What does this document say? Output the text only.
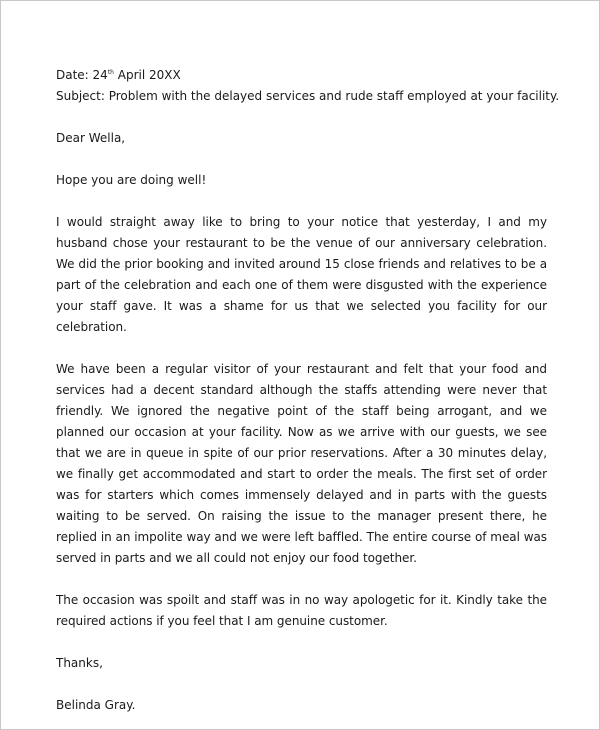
Date: 24th April 20XX

Subject: Problem with the delayed services and rude staff employed at your facility.

Dear Wella,

Hope you are doing well!

I would straight away like to bring to your notice that yesterday, I and my husband chose your restaurant to be the venue of our anniversary celebration. We did the prior booking and invited around 15 close friends and relatives to be a part of the celebration and each one of them were disgusted with the experience your staff gave. It was a shame for us that we selected you facility for our celebration.

We have been a regular visitor of your restaurant and felt that your food and services had a decent standard although the staffs attending were never that friendly. We ignored the negative point of the staff being arrogant, and we planned our occasion at your facility. Now as we arrive with our guests, we see that we are in queue in spite of our prior reservations. After a 30 minutes delay, we finally get accommodated and start to order the meals. The first set of order was for starters which comes immensely delayed and in parts with the guests waiting to be served. On raising the issue to the manager present there, he replied in an impolite way and we were left baffled. The entire course of meal was served in parts and we all could not enjoy our food together.

The occasion was spoilt and staff was in no way apologetic for it. Kindly take the required actions if you feel that I am genuine customer.

Thanks,

Belinda Gray.
